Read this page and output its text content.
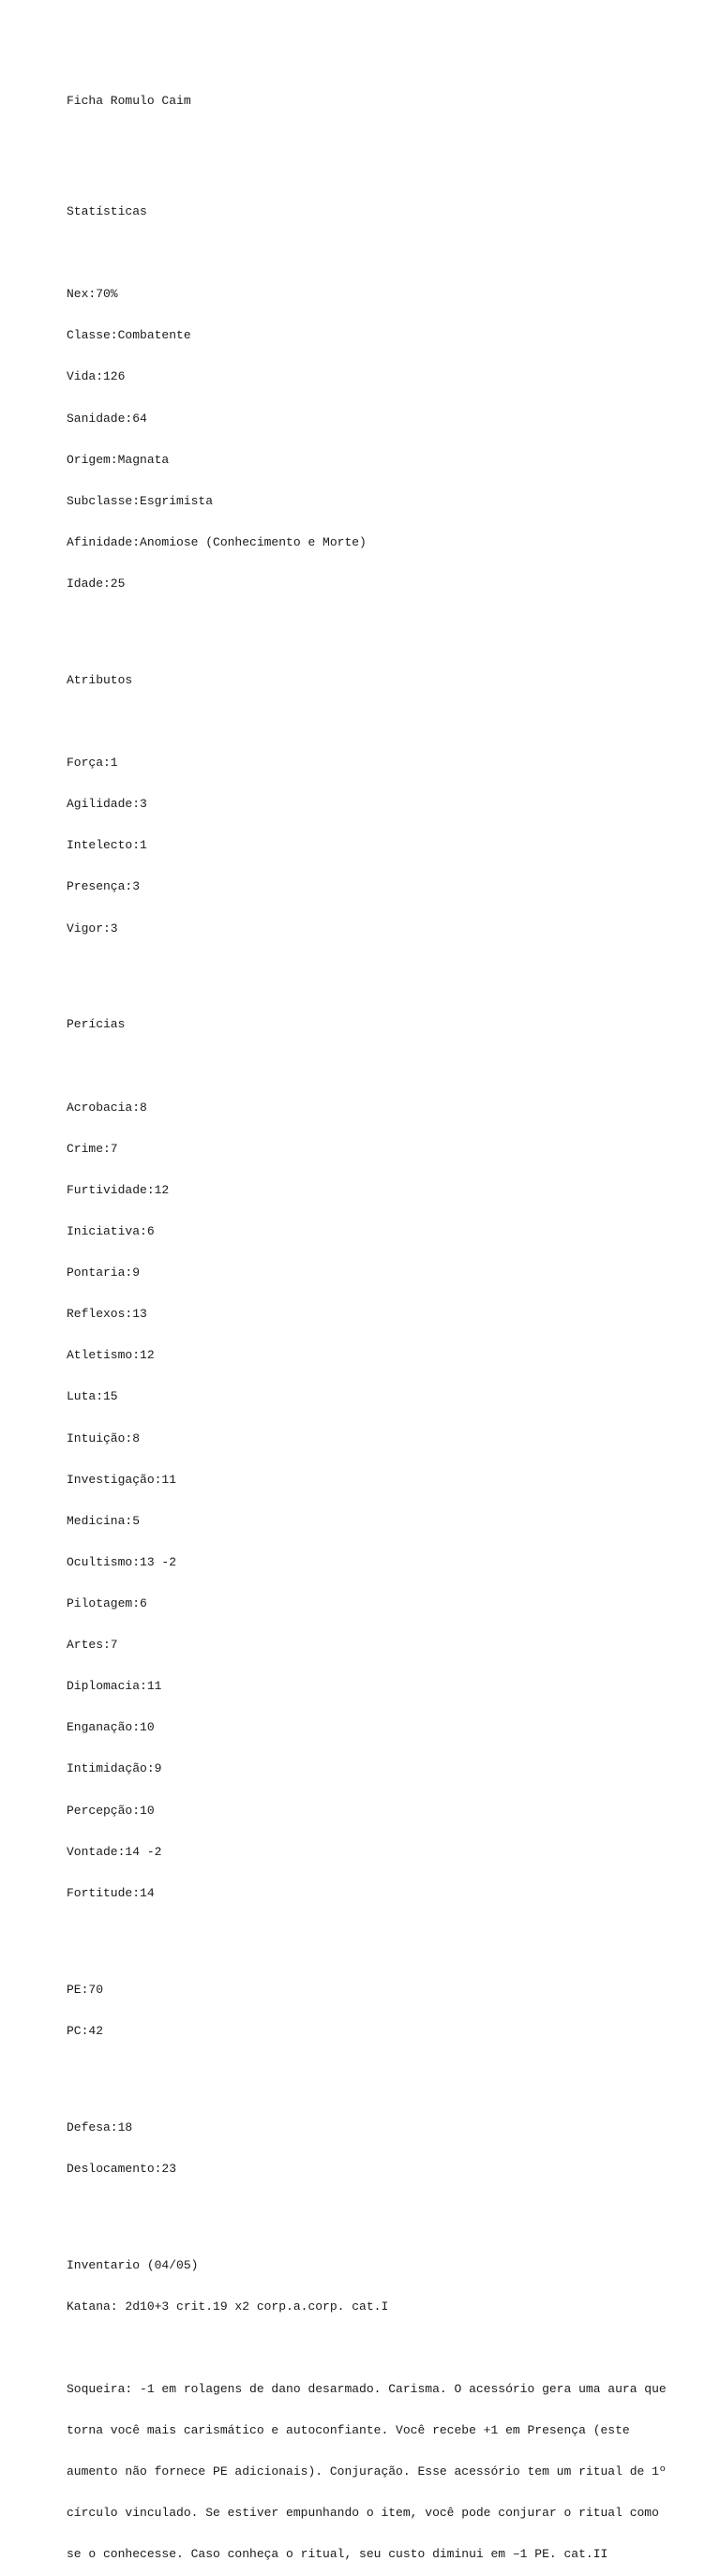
Ficha Romulo Caim

Statísticas

Nex:70%

Classe:Combatente

Vida:126

Sanidade:64

Origem:Magnata

Subclasse:Esgrimista

Afinidade:Anomiose (Conhecimento e Morte)

Idade:25

Atributos

Força:1

Agilidade:3

Intelecto:1

Presença:3

Vigor:3

Perícias

Acrobacia:8

Crime:7

Furtividade:12

Iniciativa:6

Pontaria:9

Reflexos:13

Atletismo:12

Luta:15

Intuição:8

Investigação:11

Medicina:5

Ocultismo:13 -2

Pilotagem:6

Artes:7

Diplomacia:11

Enganação:10

Intimidação:9

Percepção:10

Vontade:14 -2

Fortitude:14

PE:70

PC:42

Defesa:18

Deslocamento:23

Inventario (04/05)

Katana: 2d10+3 crit.19 x2 corp.a.corp. cat.I

Soqueira: -1 em rolagens de dano desarmado. Carisma. O acessório gera uma aura que

torna você mais carismático e autoconfiante. Você recebe +1 em Presença (este

aumento não fornece PE adicionais). Conjuração. Esse acessório tem um ritual de 1º

círculo vinculado. Se estiver empunhando o item, você pode conjurar o ritual como

se o conhecesse. Caso conheça o ritual, seu custo diminui em –1 PE. cat.II
